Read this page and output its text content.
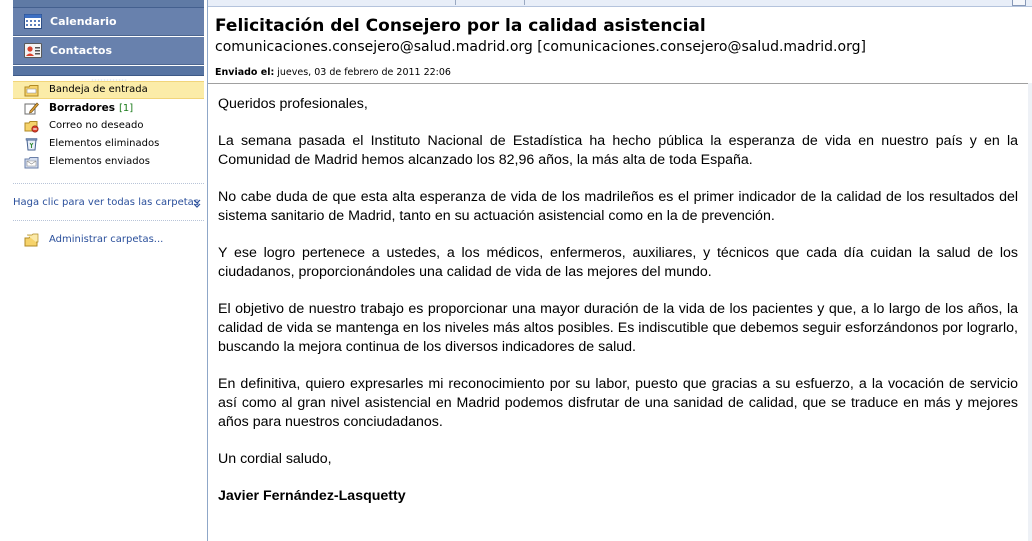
Calendario
Contactos
Bandeja de entrada
Borradores [1]
Correo no deseado
Elementos eliminados
Elementos enviados
Haga clic para ver todas las carpetas
Administrar carpetas...
Felicitación del Consejero por la calidad asistencial
comunicaciones.consejero@salud.madrid.org [comunicaciones.consejero@salud.madrid.org]
Enviado el: jueves, 03 de febrero de 2011 22:06

Queridos profesionales,

La semana pasada el Instituto Nacional de Estadística ha hecho pública la esperanza de vida en nuestro país y en la Comunidad de Madrid hemos alcanzado los 82,96 años, la más alta de toda España.

No cabe duda de que esta alta esperanza de vida de los madrileños es el primer indicador de la calidad de los resultados del sistema sanitario de Madrid, tanto en su actuación asistencial como en la de prevención.

Y ese logro pertenece a ustedes, a los médicos, enfermeros, auxiliares, y técnicos que cada día cuidan la salud de los ciudadanos, proporcionándoles una calidad de vida de las mejores del mundo.

El objetivo de nuestro trabajo es proporcionar una mayor duración de la vida de los pacientes y que, a lo largo de los años, la calidad de vida se mantenga en los niveles más altos posibles. Es indiscutible que debemos seguir esforzándonos por lograrlo, buscando la mejora continua de los diversos indicadores de salud.

En definitiva, quiero expresarles mi reconocimiento por su labor, puesto que gracias a su esfuerzo, a la vocación de servicio así como al gran nivel asistencial en Madrid podemos disfrutar de una sanidad de calidad, que se traduce en más y mejores años para nuestros conciudadanos.

Un cordial saludo,

Javier Fernández-Lasquetty
